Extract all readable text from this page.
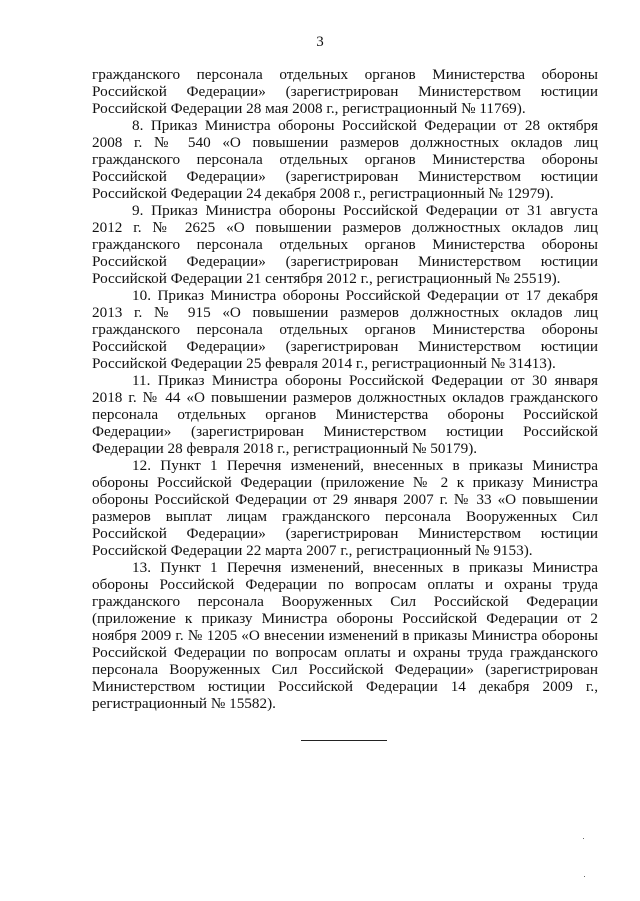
3

гражданского персонала отдельных органов Министерства обороны Российской Федерации» (зарегистрирован Министерством юстиции Российской Федерации 28 мая 2008 г., регистрационный № 11769).

8. Приказ Министра обороны Российской Федерации от 28 октября 2008 г. № 540 «О повышении размеров должностных окладов лиц гражданского персонала отдельных органов Министерства обороны Российской Федерации» (зарегистрирован Министерством юстиции Российской Федерации 24 декабря 2008 г., регистрационный № 12979).

9. Приказ Министра обороны Российской Федерации от 31 августа 2012 г. № 2625 «О повышении размеров должностных окладов лиц гражданского персонала отдельных органов Министерства обороны Российской Федерации» (зарегистрирован Министерством юстиции Российской Федерации 21 сентября 2012 г., регистрационный № 25519).

10. Приказ Министра обороны Российской Федерации от 17 декабря 2013 г. № 915 «О повышении размеров должностных окладов лиц гражданского персонала отдельных органов Министерства обороны Российской Федерации» (зарегистрирован Министерством юстиции Российской Федерации 25 февраля 2014 г., регистрационный № 31413).

11. Приказ Министра обороны Российской Федерации от 30 января 2018 г. № 44 «О повышении размеров должностных окладов гражданского персонала отдельных органов Министерства обороны Российской Федерации» (зарегистрирован Министерством юстиции Российской Федерации 28 февраля 2018 г., регистрационный № 50179).

12. Пункт 1 Перечня изменений, внесенных в приказы Министра обороны Российской Федерации (приложение № 2 к приказу Министра обороны Российской Федерации от 29 января 2007 г. № 33 «О повышении размеров выплат лицам гражданского персонала Вооруженных Сил Российской Федерации» (зарегистрирован Министерством юстиции Российской Федерации 22 марта 2007 г., регистрационный № 9153).

13. Пункт 1 Перечня изменений, внесенных в приказы Министра обороны Российской Федерации по вопросам оплаты и охраны труда гражданского персонала Вооруженных Сил Российской Федерации (приложение к приказу Министра обороны Российской Федерации от 2 ноября 2009 г. № 1205 «О внесении изменений в приказы Министра обороны Российской Федерации по вопросам оплаты и охраны труда гражданского персонала Вооруженных Сил Российской Федерации» (зарегистрирован Министерством юстиции Российской Федерации 14 декабря 2009 г., регистрационный № 15582).
